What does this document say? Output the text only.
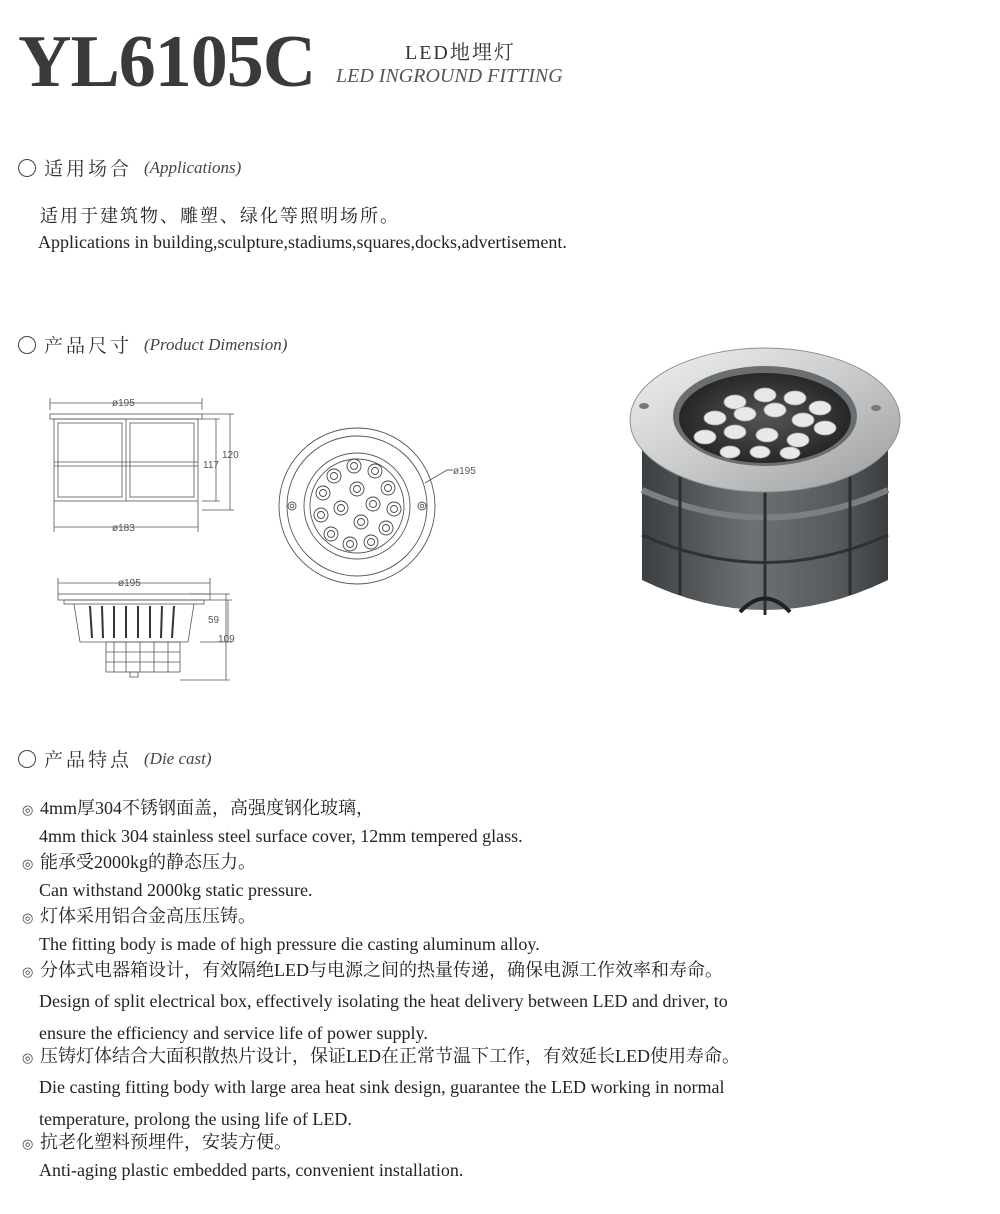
YL6105C	LED地埋灯
LED INGROUND FITTING
适用场合 (Applications)
适用于建筑物、雕塑、绿化等照明场所。
Applications in building,sculpture,stadiums,squares,docks,advertisement.
产品尺寸 (Product Dimension)
ø195
ø183
117
120
ø195
ø195
59
109
产品特点 (Die cast)
◎ 4mm厚304不锈钢面盖，高强度钢化玻璃，
4mm thick 304 stainless steel surface cover, 12mm tempered glass.
◎ 能承受2000kg的静态压力。
Can withstand 2000kg static pressure.
◎ 灯体采用铝合金高压压铸。
The fitting body is made of high pressure die casting aluminum alloy.
◎ 分体式电器箱设计，有效隔绝LED与电源之间的热量传递，确保电源工作效率和寿命。
Design of split electrical box, effectively isolating the heat delivery between LED and driver, to
ensure the efficiency and service life of power supply.
◎ 压铸灯体结合大面积散热片设计，保证LED在正常节温下工作，有效延长LED使用寿命。
Die casting fitting body with large area heat sink design, guarantee the LED working in normal
temperature, prolong the using life of LED.
◎ 抗老化塑料预埋件，安装方便。
Anti-aging plastic embedded parts, convenient installation.
